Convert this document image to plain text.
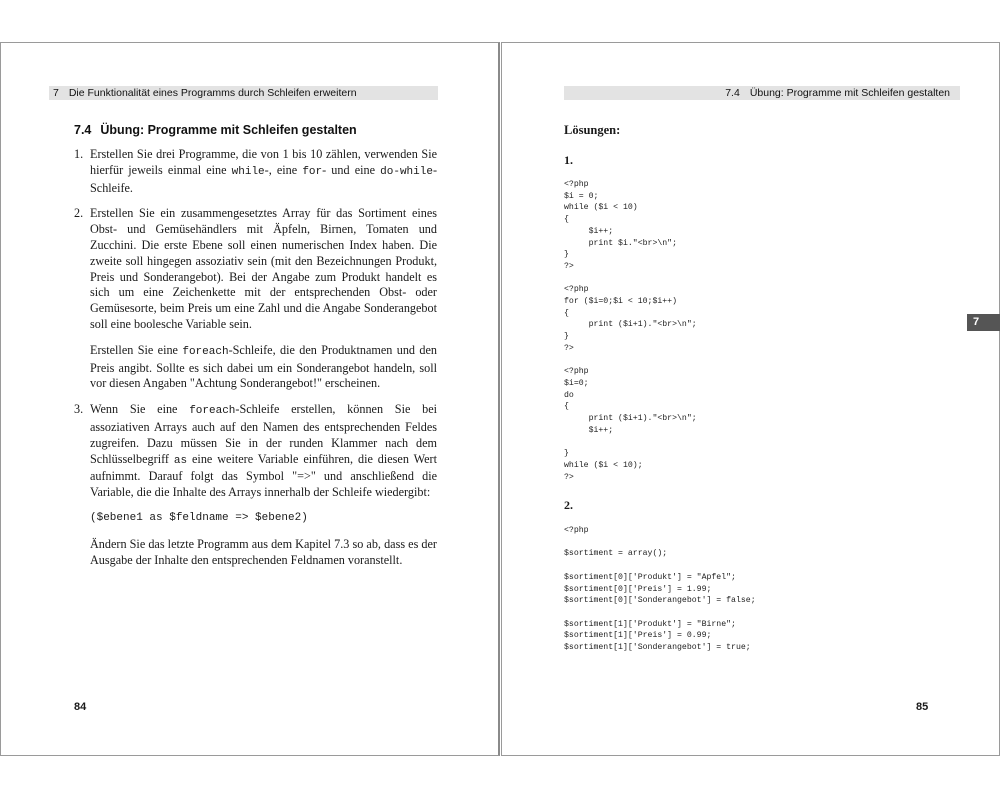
7 Die Funktionalität eines Programms durch Schleifen erweitern
7.4 Übung: Programme mit Schleifen gestalten
1. Erstellen Sie drei Programme, die von 1 bis 10 zählen, verwenden Sie hierfür jeweils einmal eine while-, eine for- und eine do-while-Schleife.

2. Erstellen Sie ein zusammengesetztes Array für das Sortiment eines Obst- und Gemüsehändlers mit Äpfeln, Birnen, Tomaten und Zucchini. Die erste Ebene soll einen numerischen Index haben. Die zweite soll hingegen assoziativ sein (mit den Bezeichnungen Produkt, Preis und Sonderangebot). Bei der Angabe zum Produkt handelt es sich um eine Zeichenkette mit der entsprechenden Obst- oder Gemüsesorte, beim Preis um eine Zahl und die Angabe Sonderangebot soll eine boolesche Variable sein.

Erstellen Sie eine foreach-Schleife, die den Produktnamen und den Preis angibt. Sollte es sich dabei um ein Sonderangebot handeln, soll vor diesen Angaben "Achtung Sonderangebot!" erscheinen.

3. Wenn Sie eine foreach-Schleife erstellen, können Sie bei assoziativen Arrays auch auf den Namen des entsprechenden Feldes zugreifen. Dazu müssen Sie in der runden Klammer nach dem Schlüsselbegriff as eine weitere Variable einführen, die diesen Wert aufnimmt. Darauf folgt das Symbol "=>" und anschließend die Variable, die die Inhalte des Arrays innerhalb der Schleife wiedergibt:

($ebene1 as $feldname => $ebene2)

Ändern Sie das letzte Programm aus dem Kapitel 7.3 so ab, dass es der Ausgabe der Inhalte den entsprechenden Feldnamen voranstellt.

84
7.4 Übung: Programme mit Schleifen gestalten
Lösungen:
1.
<?php
$i = 0;
while ($i < 10)
{
$i++;
print $i."<br>\n";
}
?>

<?php
for ($i=0;$i < 10;$i++)
{
print ($i+1)."<br>\n";
}
?>

<?php
$i=0;
do
{
print ($i+1)."<br>\n";
$i++;

}
while ($i < 10);
?>
2.
<?php

$sortiment = array();

$sortiment[0]['Produkt'] = "Apfel";
$sortiment[0]['Preis'] = 1.99;
$sortiment[0]['Sonderangebot'] = false;

$sortiment[1]['Produkt'] = "Birne";
$sortiment[1]['Preis'] = 0.99;
$sortiment[1]['Sonderangebot'] = true;
7
85
